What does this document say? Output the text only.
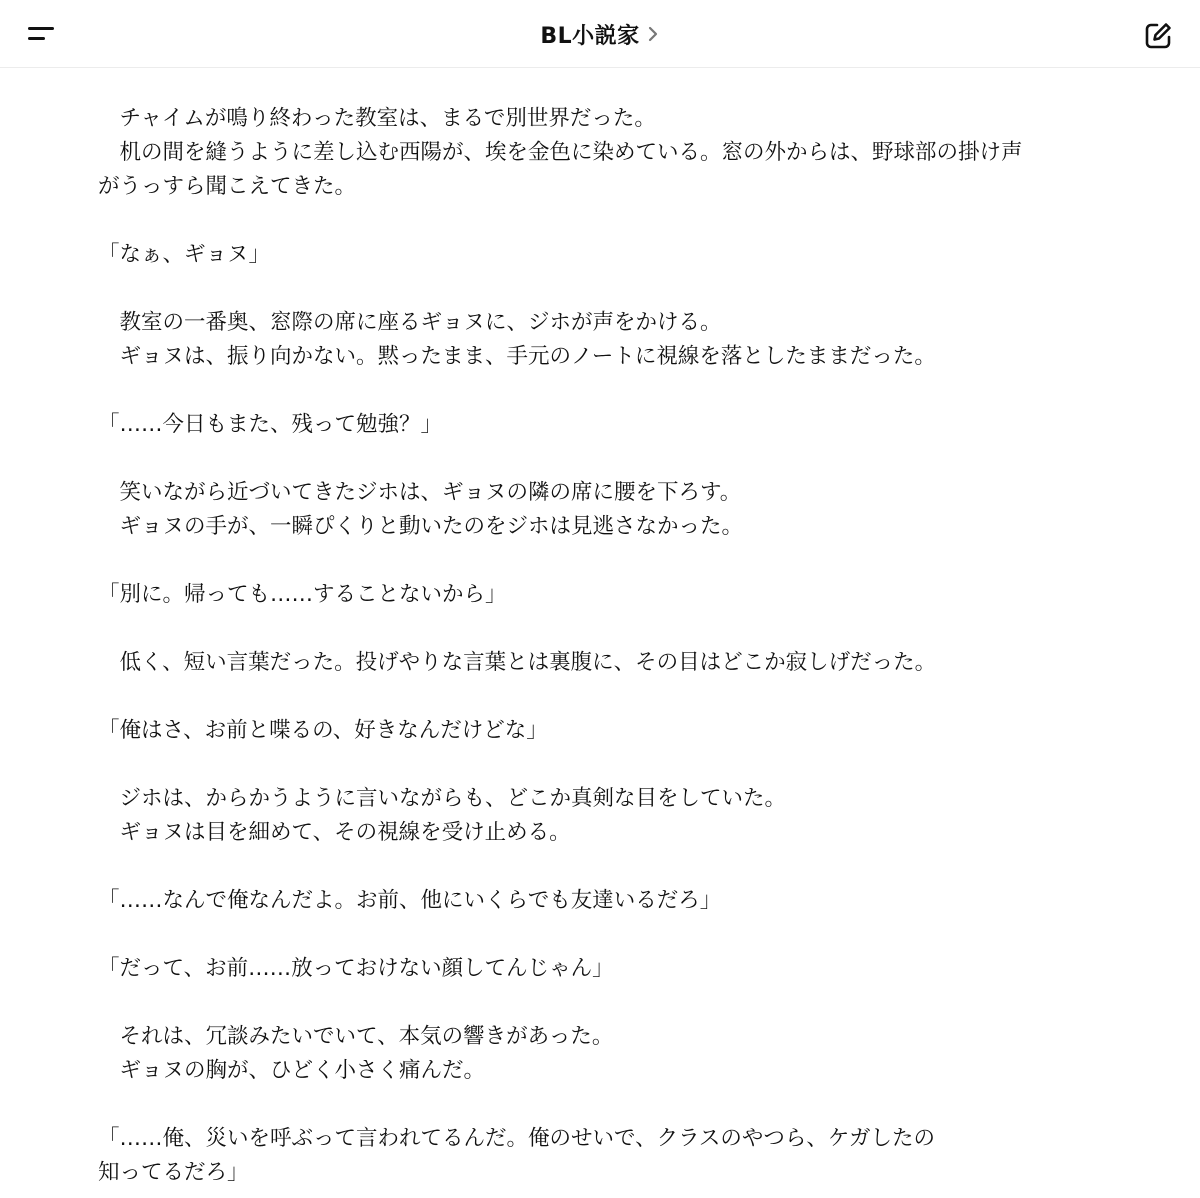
BL小説家

　チャイムが鳴り終わった教室は、まるで別世界だった。

　机の間を縫うように差し込む西陽が、埃を金色に染めている。窓の外からは、野球部の掛け声

がうっすら聞こえてきた。

「なぁ、ギョヌ」

　教室の一番奥、窓際の席に座るギョヌに、ジホが声をかける。

　ギョヌは、振り向かない。黙ったまま、手元のノートに視線を落としたままだった。

「……今日もまた、残って勉強？」

　笑いながら近づいてきたジホは、ギョヌの隣の席に腰を下ろす。

　ギョヌの手が、一瞬ぴくりと動いたのをジホは見逃さなかった。

「別に。帰っても……することないから」

　低く、短い言葉だった。投げやりな言葉とは裏腹に、その目はどこか寂しげだった。

「俺はさ、お前と喋るの、好きなんだけどな」

　ジホは、からかうように言いながらも、どこか真剣な目をしていた。

　ギョヌは目を細めて、その視線を受け止める。

「……なんで俺なんだよ。お前、他にいくらでも友達いるだろ」

「だって、お前……放っておけない顔してんじゃん」

　それは、冗談みたいでいて、本気の響きがあった。

　ギョヌの胸が、ひどく小さく痛んだ。

「……俺、災いを呼ぶって言われてるんだ。俺のせいで、クラスのやつら、ケガしたの

知ってるだろ」
